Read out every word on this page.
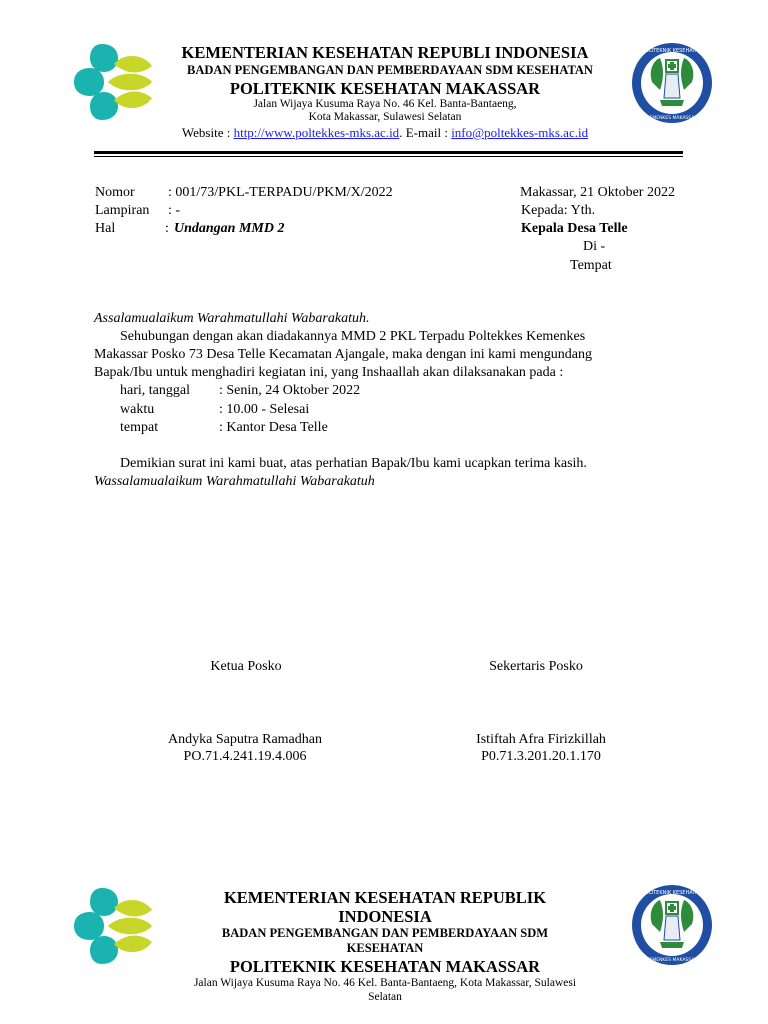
KEMENTERIAN KESEHATAN REPUBLI INDONESIA
BADAN PENGEMBANGAN DAN PEMBERDAYAAN SDM KESEHATAN
POLITEKNIK KESEHATAN MAKASSAR
Jalan Wijaya Kusuma Raya No. 46 Kel. Banta-Bantaeng,
Kota Makassar, Sulawesi Selatan
Website : http://www.poltekkes-mks.ac.id. E-mail : info@poltekkes-mks.ac.id
POLITEKNIK KESEHATAN
KEMENKES MAKASSAR
Nomor : 001/73/PKL-TERPADU/PKM/X/2022
Lampiran : -
Hal	: Undangan MMD 2
Makassar, 21 Oktober 2022
Kepada: Yth.
Kepala Desa Telle
Di -
Tempat
Assalamualaikum Warahmatullahi Wabarakatuh.
Sehubungan dengan akan diadakannya MMD 2 PKL Terpadu Poltekkes Kemenkes
Makassar Posko 73 Desa Telle Kecamatan Ajangale, maka dengan ini kami mengundang
Bapak/Ibu untuk menghadiri kegiatan ini, yang Inshaallah akan dilaksanakan pada :
hari, tanggal : Senin, 24 Oktober 2022
waktu	: 10.00 - Selesai
tempat	: Kantor Desa Telle
Demikian surat ini kami buat, atas perhatian Bapak/Ibu kami ucapkan terima kasih.
Wassalamualaikum Warahmatullahi Wabarakatuh
Ketua Posko	Sekertaris Posko
Andyka Saputra Ramadhan	Istiftah Afra Firizkillah
PO.71.4.241.19.4.006	P0.71.3.201.20.1.170
KEMENTERIAN KESEHATAN REPUBLIK
INDONESIA
BADAN PENGEMBANGAN DAN PEMBERDAYAAN SDM
KESEHATAN
POLITEKNIK KESEHATAN MAKASSAR
Jalan Wijaya Kusuma Raya No. 46 Kel. Banta-Bantaeng, Kota Makassar, Sulawesi
Selatan
POLITEKNIK KESEHATAN
KEMENKES MAKASSAR
